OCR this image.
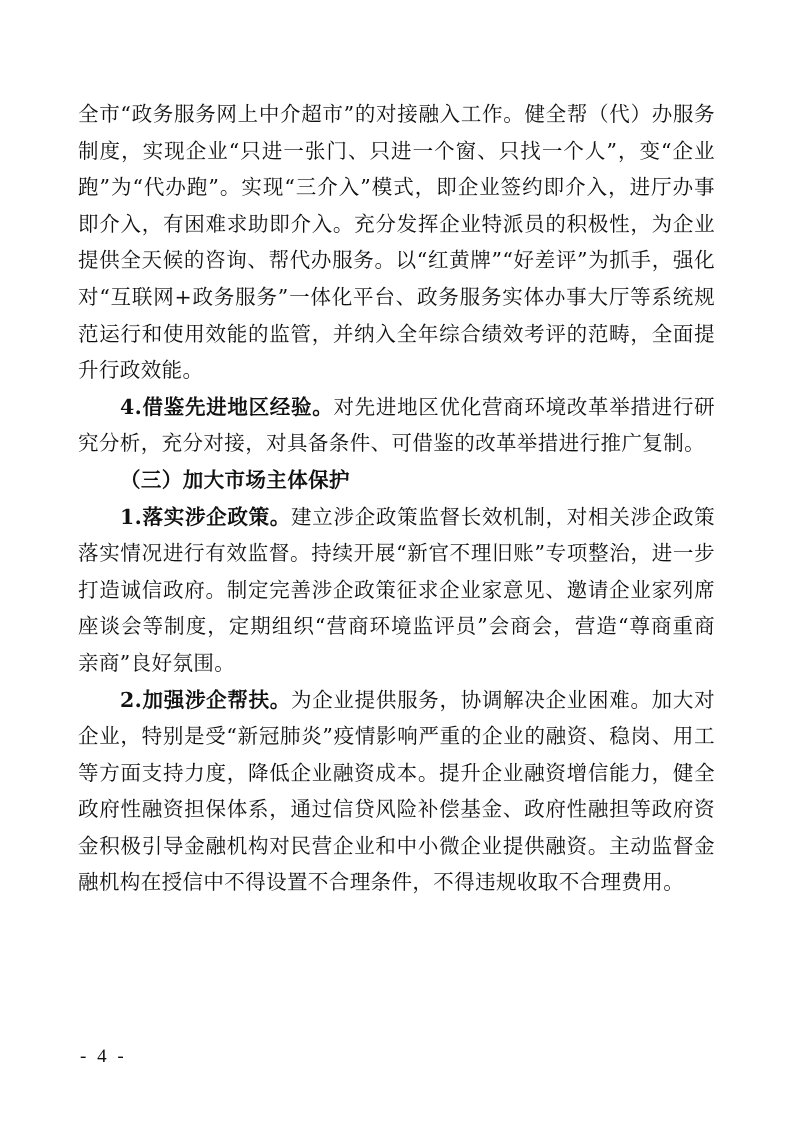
全市“政务服务网上中介超市”的对接融入工作。健全帮（代）办服务制度，实现企业“只进一张门、只进一个窗、只找一个人”，变“企业跑”为“代办跑”。实现“三介入”模式，即企业签约即介入，进厅办事即介入，有困难求助即介入。充分发挥企业特派员的积极性，为企业提供全天候的咨询、帮代办服务。以“红黄牌”“好差评”为抓手，强化对“互联网+政务服务”一体化平台、政务服务实体办事大厅等系统规范运行和使用效能的监管，并纳入全年综合绩效考评的范畴，全面提升行政效能。

4.借鉴先进地区经验。对先进地区优化营商环境改革举措进行研究分析，充分对接，对具备条件、可借鉴的改革举措进行推广复制。

（三）加大市场主体保护

1.落实涉企政策。建立涉企政策监督长效机制，对相关涉企政策落实情况进行有效监督。持续开展“新官不理旧账”专项整治，进一步打造诚信政府。制定完善涉企政策征求企业家意见、邀请企业家列席座谈会等制度，定期组织“营商环境监评员”会商会，营造“尊商重商亲商”良好氛围。

2.加强涉企帮扶。为企业提供服务，协调解决企业困难。加大对企业，特别是受“新冠肺炎”疫情影响严重的企业的融资、稳岗、用工等方面支持力度，降低企业融资成本。提升企业融资增信能力，健全政府性融资担保体系，通过信贷风险补偿基金、政府性融担等政府资金积极引导金融机构对民营企业和中小微企业提供融资。主动监督金融机构在授信中不得设置不合理条件，不得违规收取不合理费用。

- 4 -
